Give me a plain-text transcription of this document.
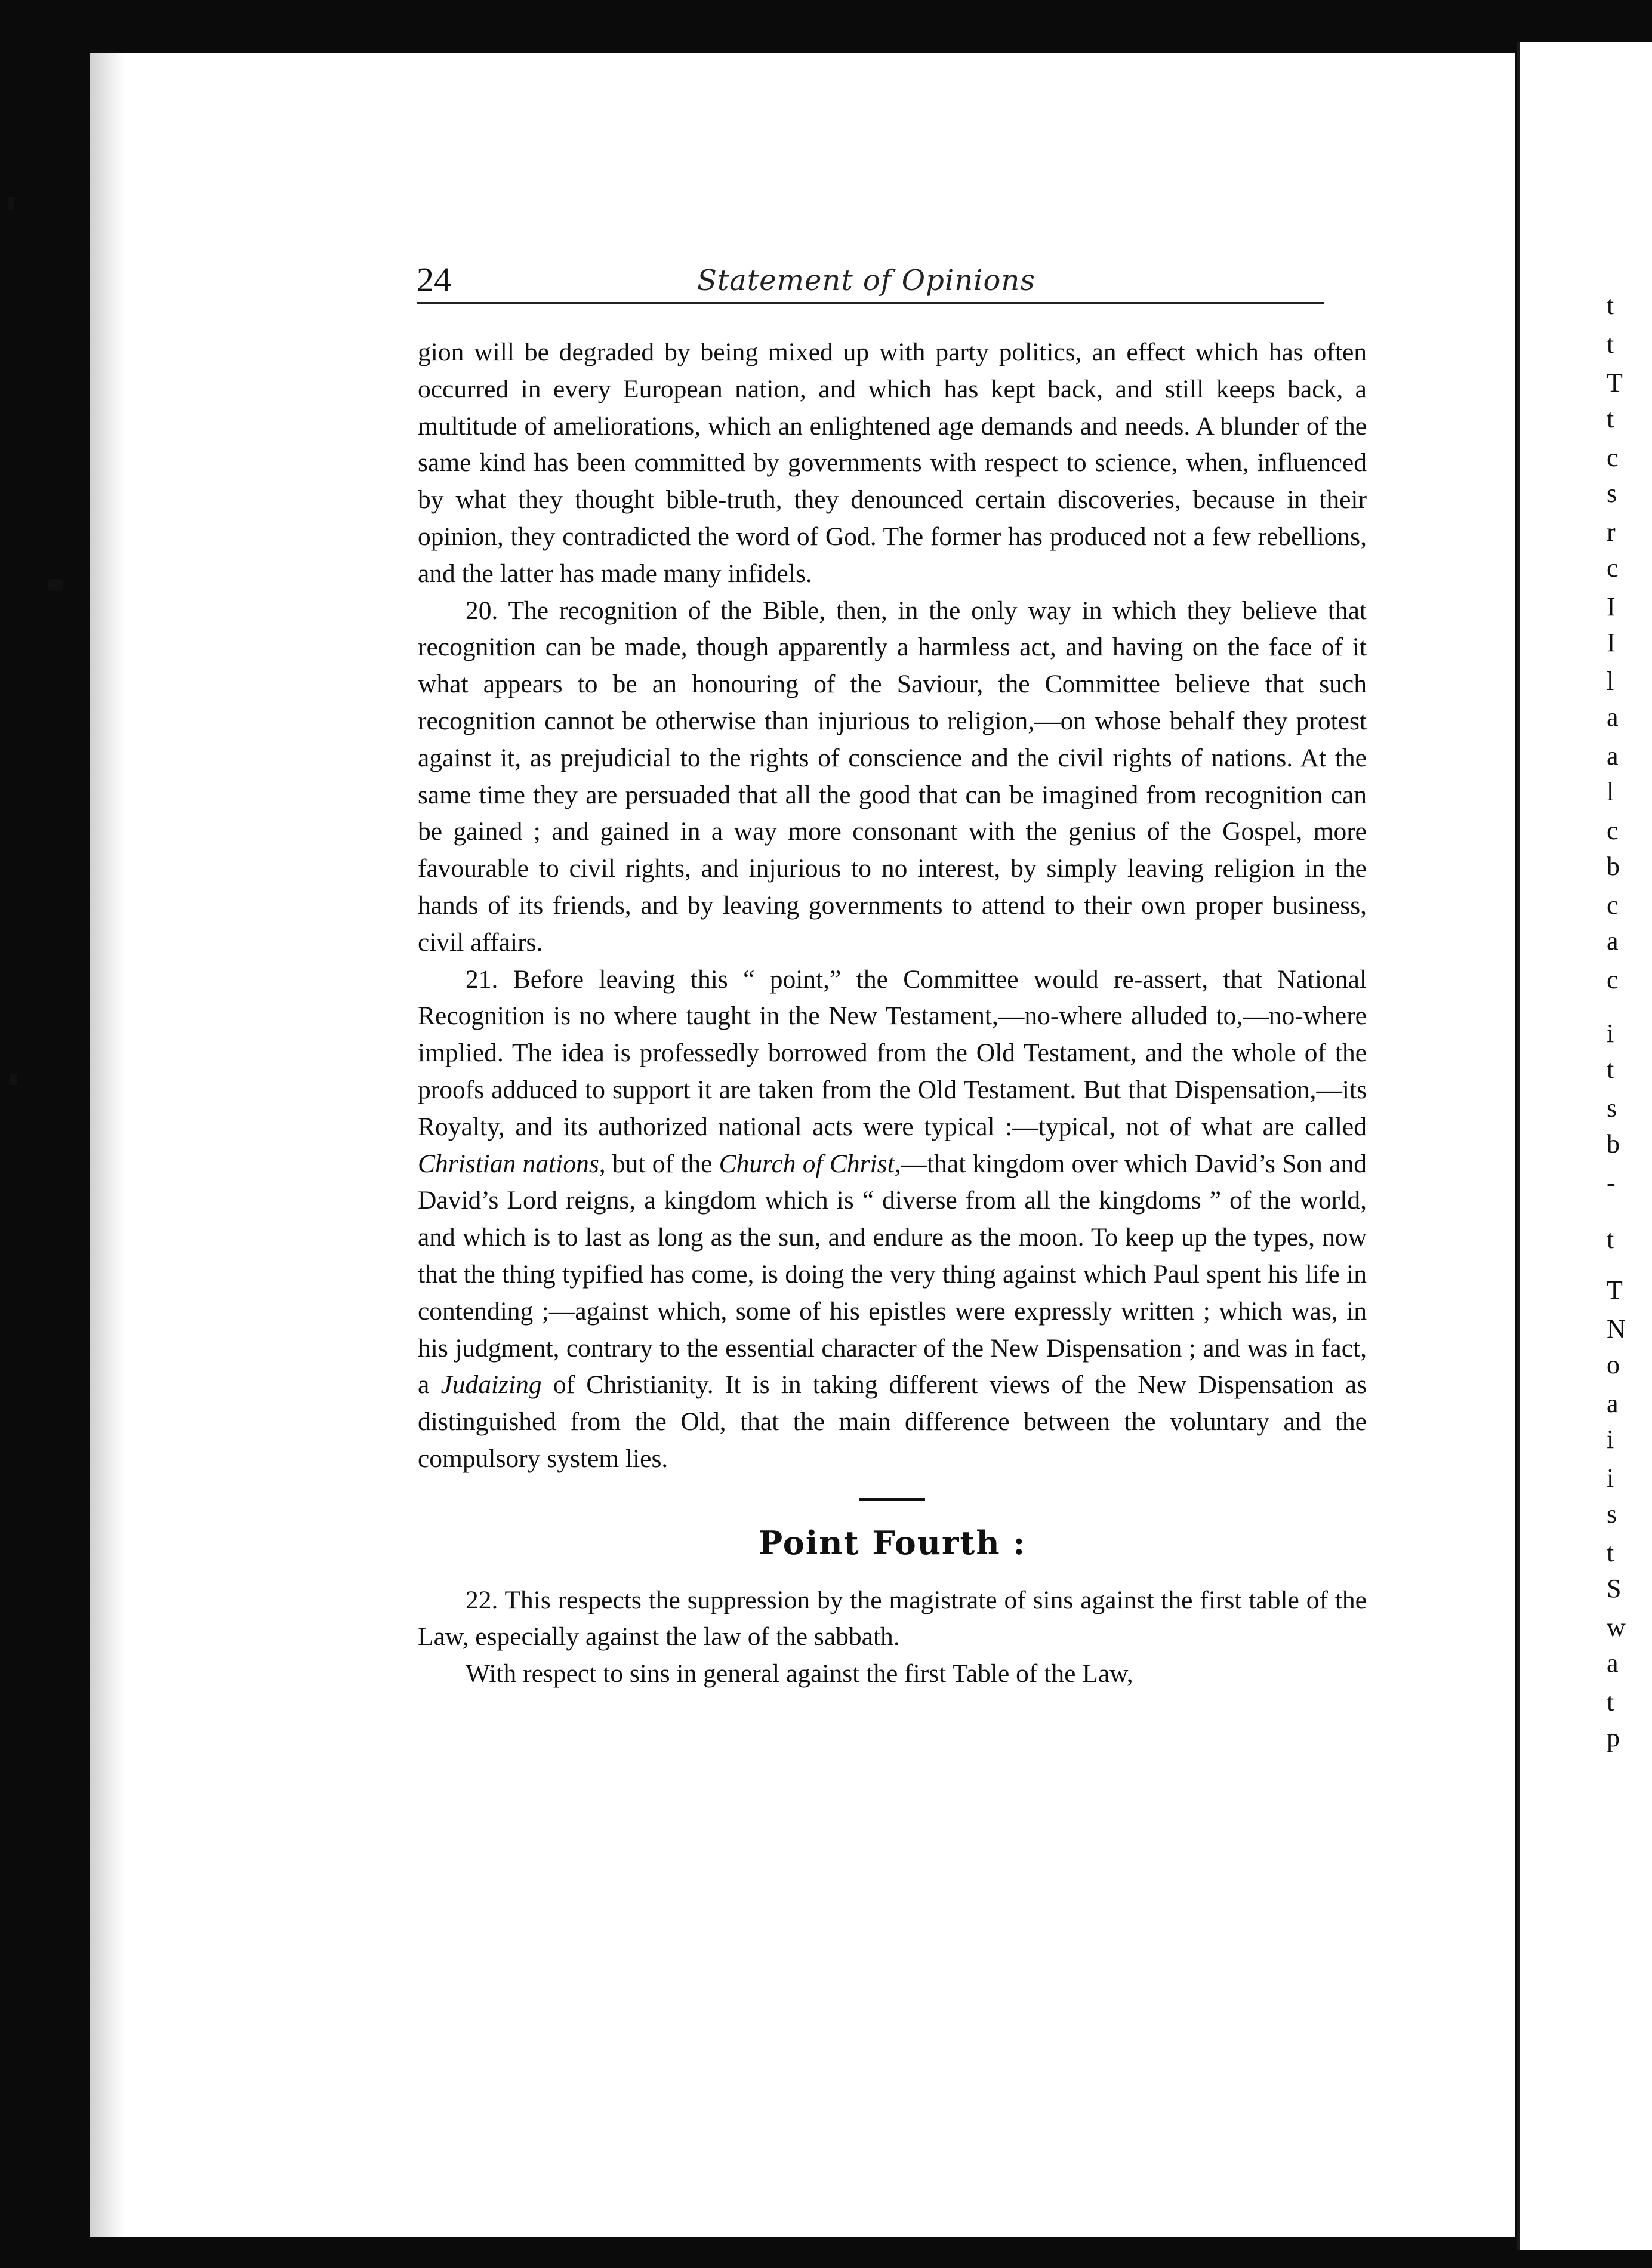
t
t
T
t
c
s
r
c
I
I
l
a
a
l
c
b
c
a
c
i
t
s
b
-
t
T
N
o
a
i
i
s
t
S
w
a
t
p
24	Statement of Opinions

gion will be degraded by being mixed up with party politics, an effect which has often occurred in every European nation, and which has kept back, and still keeps back, a multitude of ameliorations, which an enlightened age demands and needs. A blunder of the same kind has been committed by governments with respect to science, when, influenced by what they thought bible-truth, they denounced certain discoveries, because in their opinion, they contradicted the word of God. The former has produced not a few rebellions, and the latter has made many infidels.

20. The recognition of the Bible, then, in the only way in which they believe that recognition can be made, though apparently a harmless act, and having on the face of it what appears to be an honouring of the Saviour, the Committee believe that such recognition cannot be otherwise than injurious to religion,—on whose behalf they protest against it, as prejudicial to the rights of conscience and the civil rights of nations. At the same time they are persuaded that all the good that can be imagined from recognition can be gained ; and gained in a way more consonant with the genius of the Gospel, more favourable to civil rights, and injurious to no interest, by simply leaving religion in the hands of its friends, and by leaving governments to attend to their own proper business, civil affairs.

21. Before leaving this “ point,” the Committee would re-assert, that National Recognition is no where taught in the New Testament,—no-where alluded to,—no-where implied. The idea is professedly borrowed from the Old Testament, and the whole of the proofs adduced to support it are taken from the Old Testament. But that Dispensation,—its Royalty, and its authorized national acts were typical :—typical, not of what are called Christian nations, but of the Church of Christ,—that kingdom over which David’s Son and David’s Lord reigns, a kingdom which is “ diverse from all the kingdoms ” of the world, and which is to last as long as the sun, and endure as the moon. To keep up the types, now that the thing typified has come, is doing the very thing against which Paul spent his life in contending ;—against which, some of his epistles were expressly written ; which was, in his judgment, contrary to the essential character of the New Dispensation ; and was in fact, a Judaizing of Christianity. It is in taking different views of the New Dispensation as distinguished from the Old, that the main difference between the voluntary and the compulsory system lies.

Point Fourth :

22. This respects the suppression by the magistrate of sins against the first table of the Law, especially against the law of the sabbath.

With respect to sins in general against the first Table of the Law,
